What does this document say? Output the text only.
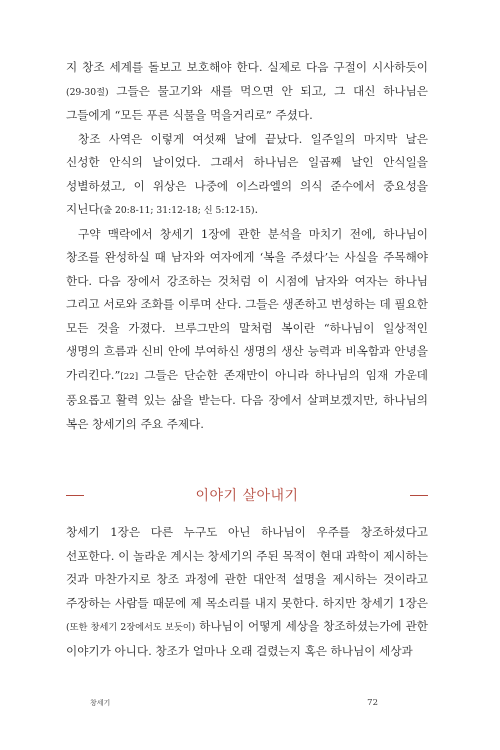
지 창조 세계를 돌보고 보호해야 한다. 실제로 다음 구절이 시사하듯이(29-30절) 그들은 물고기와 새를 먹으면 안 되고, 그 대신 하나님은 그들에게 “모든 푸른 식물을 먹을거리로” 주셨다.

창조 사역은 이렇게 여섯째 날에 끝났다. 일주일의 마지막 날은 신성한 안식의 날이었다. 그래서 하나님은 일곱째 날인 안식일을 성별하셨고, 이 위상은 나중에 이스라엘의 의식 준수에서 중요성을 지닌다(출 20:8-11; 31:12-18; 신 5:12-15).

구약 맥락에서 창세기 1장에 관한 분석을 마치기 전에, 하나님이 창조를 완성하실 때 남자와 여자에게 ‘복을 주셨다’는 사실을 주목해야 한다. 다음 장에서 강조하는 것처럼 이 시점에 남자와 여자는 하나님 그리고 서로와 조화를 이루며 산다. 그들은 생존하고 번성하는 데 필요한 모든 것을 가졌다. 브루그만의 말처럼 복이란 “하나님이 일상적인 생명의 흐름과 신비 안에 부여하신 생명의 생산 능력과 비옥함과 안녕을 가리킨다.”[22] 그들은 단순한 존재만이 아니라 하나님의 임재 가운데 풍요롭고 활력 있는 삶을 받는다. 다음 장에서 살펴보겠지만, 하나님의 복은 창세기의 주요 주제다.

이야기 살아내기

창세기 1장은 다른 누구도 아닌 하나님이 우주를 창조하셨다고 선포한다. 이 놀라운 계시는 창세기의 주된 목적이 현대 과학이 제시하는 것과 마찬가지로 창조 과정에 관한 대안적 설명을 제시하는 것이라고 주장하는 사람들 때문에 제 목소리를 내지 못한다. 하지만 창세기 1장은 (또한 창세기 2장에서도 보듯이) 하나님이 어떻게 세상을 창조하셨는가에 관한 이야기가 아니다. 창조가 얼마나 오래 걸렸는지 혹은 하나님이 세상과

창세기	72
